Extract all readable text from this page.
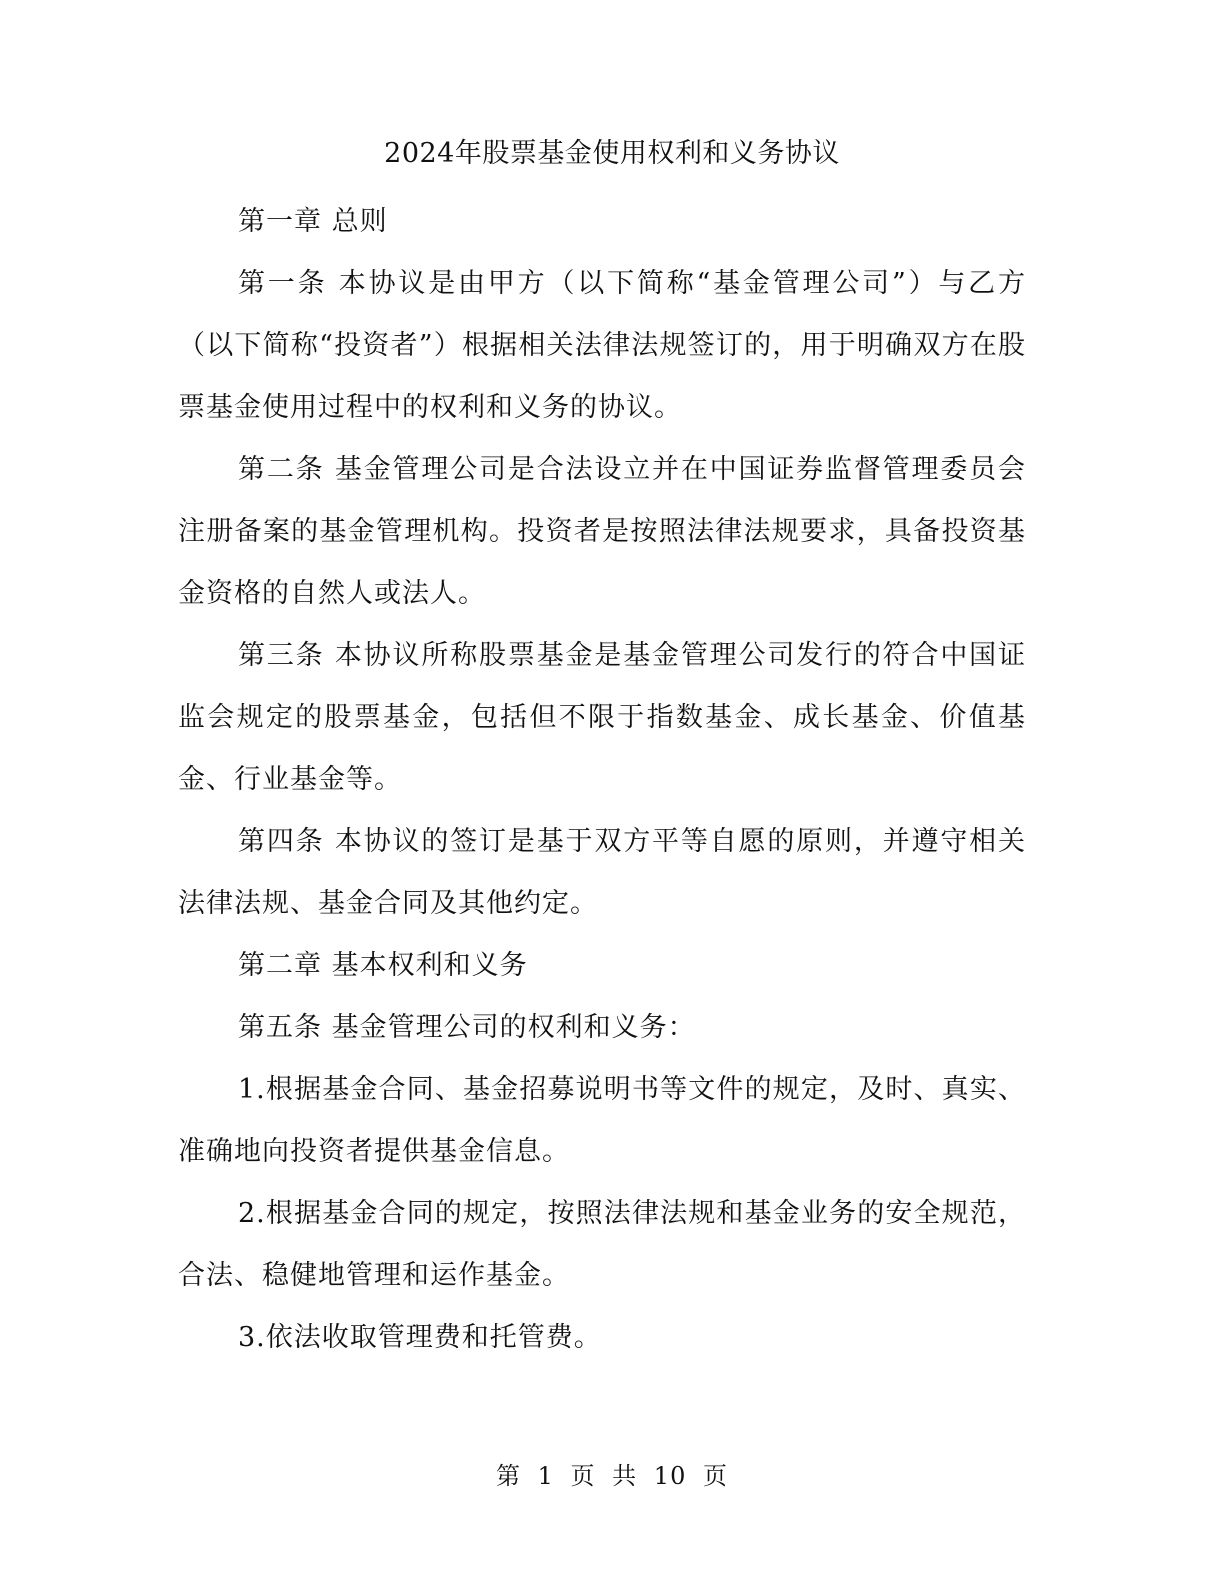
2024年股票基金使用权利和义务协议

第一章 总则

第一条 本协议是由甲方（以下简称“基金管理公司”）与乙方（以下简称“投资者”）根据相关法律法规签订的，用于明确双方在股票基金使用过程中的权利和义务的协议。

第二条 基金管理公司是合法设立并在中国证券监督管理委员会注册备案的基金管理机构。投资者是按照法律法规要求，具备投资基金资格的自然人或法人。

第三条 本协议所称股票基金是基金管理公司发行的符合中国证监会规定的股票基金，包括但不限于指数基金、成长基金、价值基金、行业基金等。

第四条 本协议的签订是基于双方平等自愿的原则，并遵守相关法律法规、基金合同及其他约定。

第二章 基本权利和义务

第五条 基金管理公司的权利和义务：

1.根据基金合同、基金招募说明书等文件的规定，及时、真实、准确地向投资者提供基金信息。

2.根据基金合同的规定，按照法律法规和基金业务的安全规范，合法、稳健地管理和运作基金。

3.依法收取管理费和托管费。

第 1 页 共 10 页
